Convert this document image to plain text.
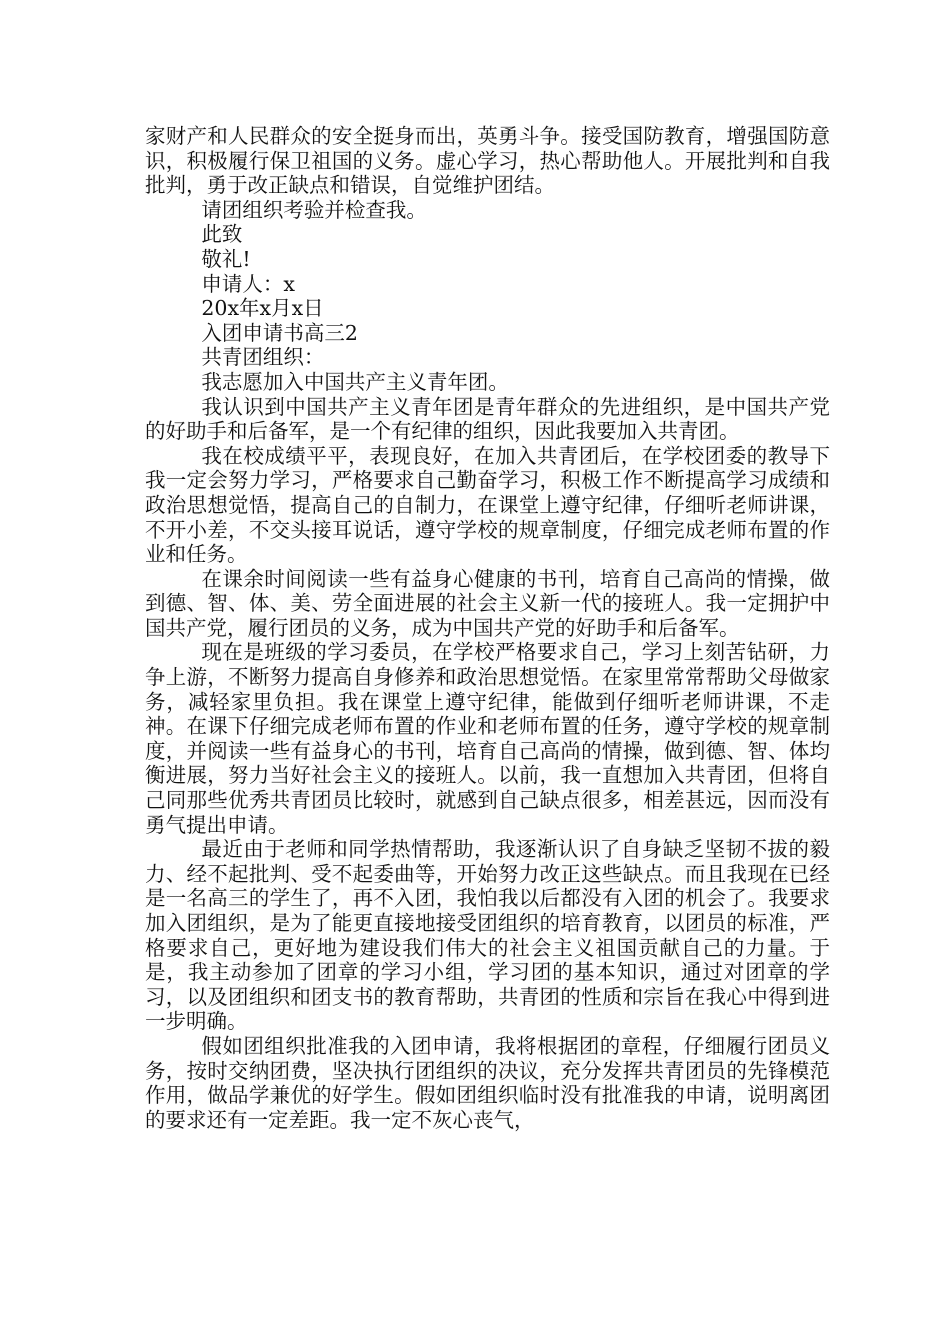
家财产和人民群众的安全挺身而出，英勇斗争。接受国防教育，增强国防意识，积极履行保卫祖国的义务。虚心学习，热心帮助他人。开展批判和自我批判，勇于改正缺点和错误，自觉维护团结。

请团组织考验并检查我。

此致

敬礼!

申请人：x

20x年x月x日

入团申请书高三2

共青团组织：

我志愿加入中国共产主义青年团。

我认识到中国共产主义青年团是青年群众的先进组织，是中国共产党的好助手和后备军，是一个有纪律的组织，因此我要加入共青团。

我在校成绩平平，表现良好，在加入共青团后，在学校团委的教导下我一定会努力学习，严格要求自己勤奋学习，积极工作不断提高学习成绩和政治思想觉悟，提高自己的自制力，在课堂上遵守纪律，仔细听老师讲课，不开小差，不交头接耳说话，遵守学校的规章制度，仔细完成老师布置的作业和任务。

在课余时间阅读一些有益身心健康的书刊，培育自己高尚的情操，做到德、智、体、美、劳全面进展的社会主义新一代的接班人。我一定拥护中国共产党，履行团员的义务，成为中国共产党的好助手和后备军。

现在是班级的学习委员，在学校严格要求自己，学习上刻苦钻研，力争上游，不断努力提高自身修养和政治思想觉悟。在家里常常帮助父母做家务，减轻家里负担。我在课堂上遵守纪律，能做到仔细听老师讲课，不走神。在课下仔细完成老师布置的作业和老师布置的任务，遵守学校的规章制度，并阅读一些有益身心的书刊，培育自己高尚的情操，做到德、智、体均衡进展，努力当好社会主义的接班人。以前，我一直想加入共青团，但将自己同那些优秀共青团员比较时，就感到自己缺点很多，相差甚远，因而没有勇气提出申请。

最近由于老师和同学热情帮助，我逐渐认识了自身缺乏坚韧不拔的毅力、经不起批判、受不起委曲等，开始努力改正这些缺点。而且我现在已经是一名高三的学生了，再不入团，我怕我以后都没有入团的机会了。我要求加入团组织，是为了能更直接地接受团组织的培育教育，以团员的标准，严格要求自己，更好地为建设我们伟大的社会主义祖国贡献自己的力量。于是，我主动参加了团章的学习小组，学习团的基本知识，通过对团章的学习，以及团组织和团支书的教育帮助，共青团的性质和宗旨在我心中得到进一步明确。

假如团组织批准我的入团申请，我将根据团的章程，仔细履行团员义务，按时交纳团费，坚决执行团组织的决议，充分发挥共青团员的先锋模范作用，做品学兼优的好学生。假如团组织临时没有批准我的申请，说明离团的要求还有一定差距。我一定不灰心丧气，
